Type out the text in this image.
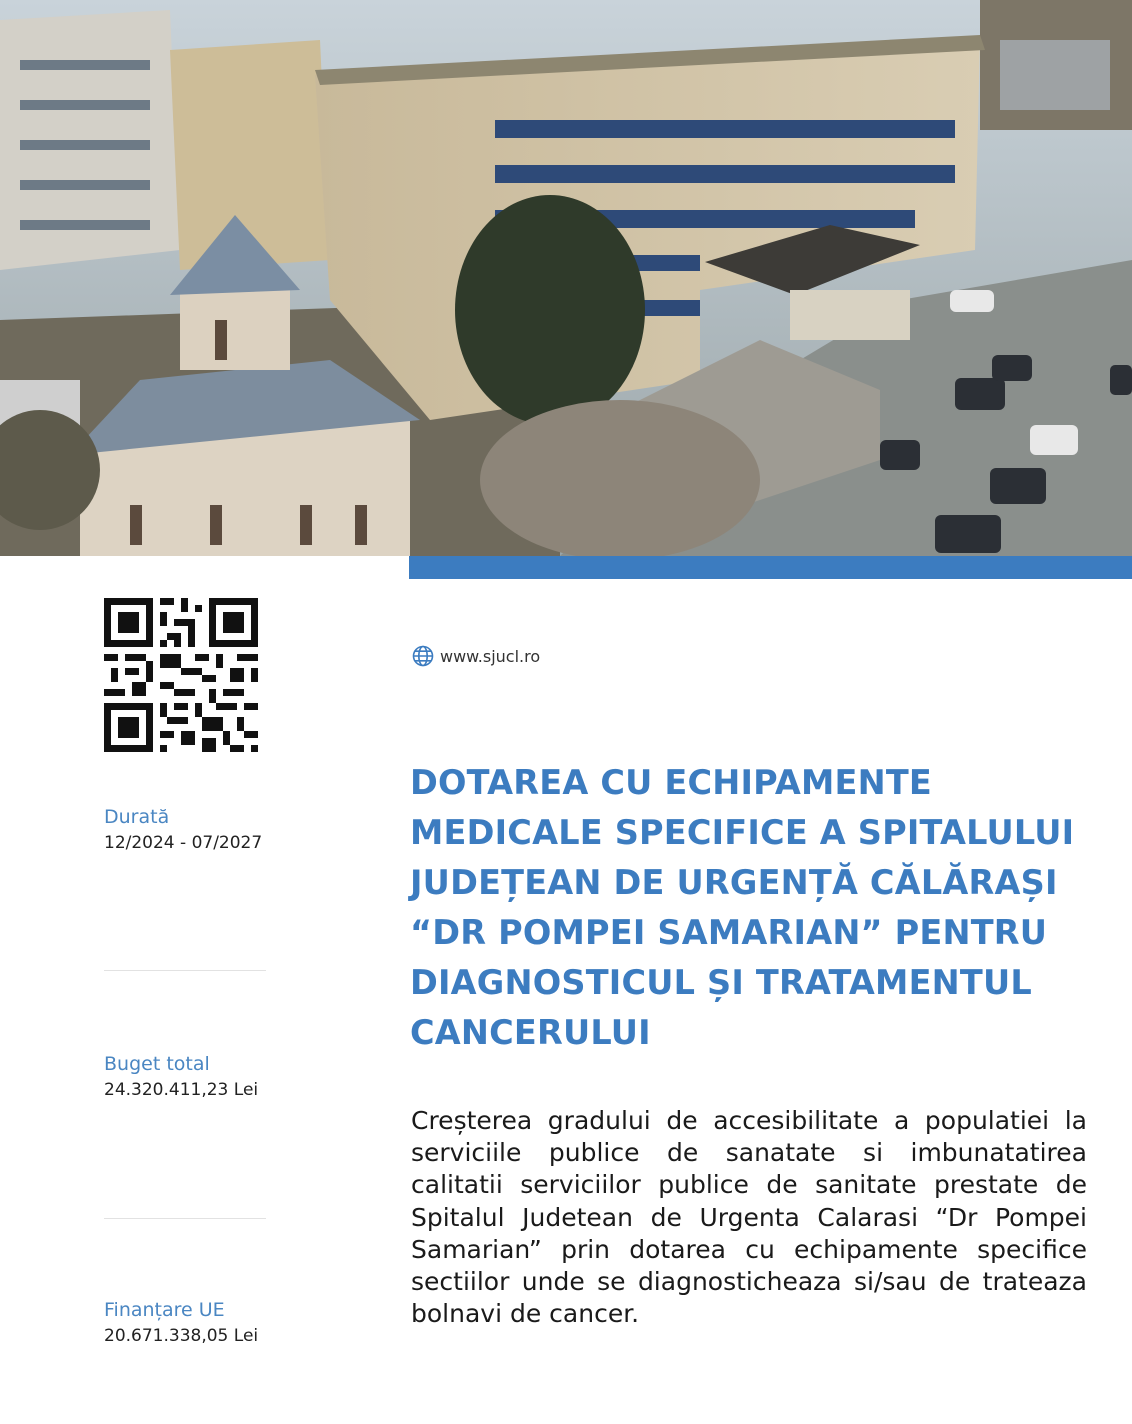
www.sjucl.ro
Durată
12/2024 - 07/2027
Buget total
24.320.411,23 Lei
Finanțare UE
20.671.338,05 Lei
DOTAREA CU ECHIPAMENTE
MEDICALE SPECIFICE A SPITALULUI
JUDEȚEAN DE URGENȚĂ CĂLĂRAȘI
“DR POMPEI SAMARIAN” PENTRU
DIAGNOSTICUL ȘI TRATAMENTUL
CANCERULUI

Creșterea gradului de accesibilitate a populatiei la serviciile publice de sanatate si imbunatatirea calitatii serviciilor publice de sanitate prestate de Spitalul Judetean de Urgenta Calarasi “Dr Pompei Samarian” prin dotarea cu echipamente specifice sectiilor unde se diagnosticheaza si/sau de trateaza bolnavi de cancer.
